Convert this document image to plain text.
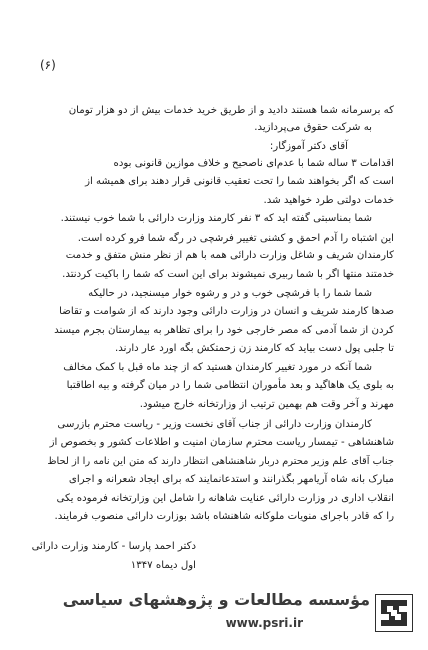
(۶)
که برسرمانه شما هستند دادید و از طریق خرید خدمات بیش از دو هزار تومان
به شرکت حقوق می‌پردازید.
آقای دکتر آموزگار:
اقدامات ۳ ساله شما با عدم‌ای ناصحیح و خلاف موازین قانونی بوده
است که اگر بخواهند شما را تحت تعقیب قانونی قرار دهند برای همیشه از
خدمات دولتی طرد خواهید شد.
شما بمناسبتی گفته اید که ۳ نفر کارمند وزارت دارائی با شما خوب نیستند.
این اشتباه را آدم احمق و کشنی تغییر فرشچی در رگه شما فرو کرده است.
کارمندان شریف و شاغل وزارت دارائی همه با هم از نظر منش متفق و خدمت
خدمتند منتها اگر با شما ربیری نمیشوند برای این است که شما را باکیت کردنتد.
شما شما را با فرشچی خوب و در و رشوه خوار میسنجید، در حالیکه
صدها کارمند شریف و انسان در وزارت دارائی وجود دارند که از شوامت و تقاضا
کردن از شما آدمی که مصر خارجی خود را برای تظاهر به بیمارستان بجرم میسند
تا جلبی پول دست بیاید که کارمند زن زحمتکش بگه اورد عار دارند.
شما آنکه در مورد تغییر کارمندان هستید که از چند ماه قبل با کمک مخالف
به بلوی یک هاهاگید و بعد مأموران انتظامی شما را در میان گرفته و بیه اطاقتبا
مهرند و آخر وقت هم بهمین ترتیب از وزارتخانه خارج میشود.
کارمندان وزارت دارائی از جناب آقای نخست وزیر - ریاست محترم بازرسی
شاهنشاهی - تیمسار ریاست محترم سازمان امنیت و اطلاعات کشور و بخصوص از
جناب آقای علم وزیر محترم دربار شاهنشاهی انتظار دارند که متن این نامه را از لحاظ
مبارک بانه شاه آریامهر بگذرانند و استدعانمایند که برای ایجاد شعرانه و اجرای
انقلاب اداری در وزارت دارائی عنایت شاهانه را شامل این وزارتخانه فرموده یکی
را که قادر باجرای منویات ملوکانه شاهنشاه باشد بوزارت دارائی منصوب فرمایند.
دکتر احمد پارسا - کارمند وزارت دارائی
اول دیماه ۱۳۴۷
مؤسسه مطالعات و پژوهشهای سیاسی
www.psri.ir
